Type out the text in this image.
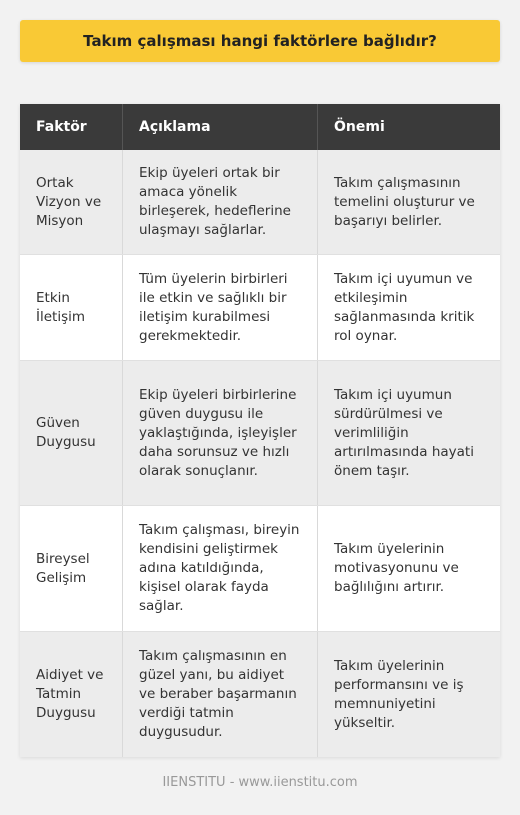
Takım çalışması hangi faktörlere bağlıdır?
Faktör	Açıklama	Önemi
Ortak Vizyon ve Misyon
Ekip üyeleri ortak bir amaca yönelik birleşerek, hedeflerine ulaşmayı sağlarlar.
Takım çalışmasının temelini oluşturur ve başarıyı belirler.
Etkin İletişim
Tüm üyelerin birbirleri ile etkin ve sağlıklı bir iletişim kurabilmesi gerekmektedir.
Takım içi uyumun ve etkileşimin sağlanmasında kritik rol oynar.
Güven Duygusu
Ekip üyeleri birbirlerine güven duygusu ile yaklaştığında, işleyişler daha sorunsuz ve hızlı olarak sonuçlanır.
Takım içi uyumun sürdürülmesi ve verimliliğin artırılmasında hayati önem taşır.
Bireysel Gelişim
Takım çalışması, bireyin kendisini geliştirmek adına katıldığında, kişisel olarak fayda sağlar.
Takım üyelerinin motivasyonunu ve bağlılığını artırır.
Aidiyet ve Tatmin Duygusu
Takım çalışmasının en güzel yanı, bu aidiyet ve beraber başarmanın verdiği tatmin duygusudur.
Takım üyelerinin performansını ve iş memnuniyetini yükseltir.
IIENSTITU - www.iienstitu.com
